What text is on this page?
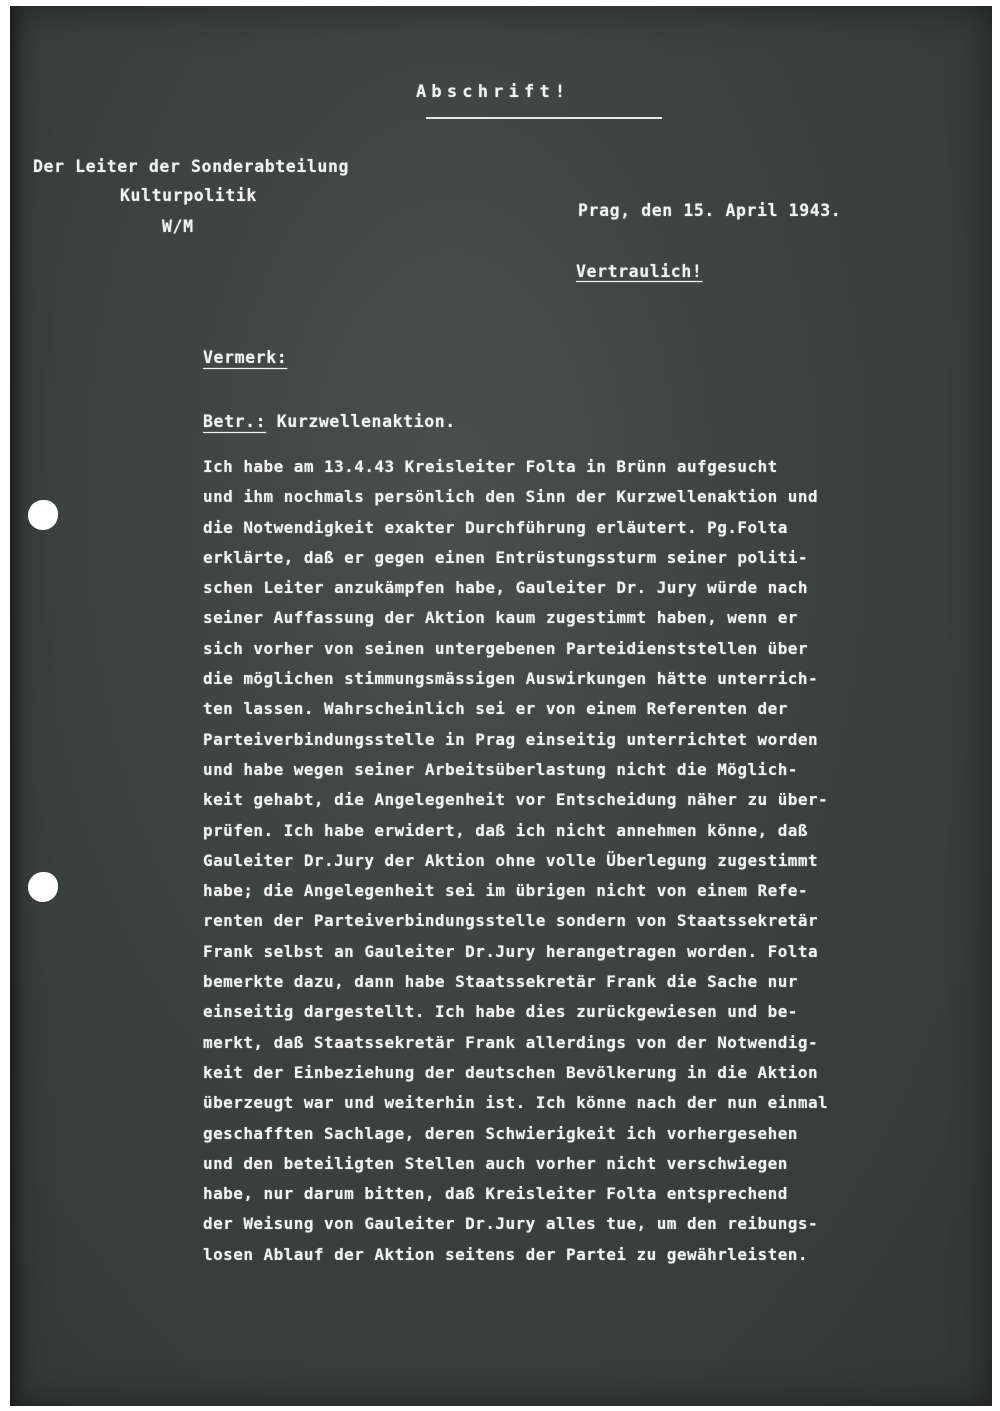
Abschrift!
Der Leiter der Sonderabteilung
Kulturpolitik
W/M
Prag, den 15. April 1943.
Vertraulich!
Vermerk:
Betr.: Kurzwellenaktion.
Ich habe am 13.4.43 Kreisleiter Folta in Brünn aufgesucht
und ihm nochmals persönlich den Sinn der Kurzwellenaktion und
die Notwendigkeit exakter Durchführung erläutert. Pg.Folta
erklärte, daß er gegen einen Entrüstungssturm seiner politi-
schen Leiter anzukämpfen habe, Gauleiter Dr. Jury würde nach
seiner Auffassung der Aktion kaum zugestimmt haben, wenn er
sich vorher von seinen untergebenen Parteidienststellen über
die möglichen stimmungsmässigen Auswirkungen hätte unterrich-
ten lassen. Wahrscheinlich sei er von einem Referenten der
Parteiverbindungsstelle in Prag einseitig unterrichtet worden
und habe wegen seiner Arbeitsüberlastung nicht die Möglich-
keit gehabt, die Angelegenheit vor Entscheidung näher zu über-
prüfen. Ich habe erwidert, daß ich nicht annehmen könne, daß
Gauleiter Dr.Jury der Aktion ohne volle Überlegung zugestimmt
habe; die Angelegenheit sei im übrigen nicht von einem Refe-
renten der Parteiverbindungsstelle sondern von Staatssekretär
Frank selbst an Gauleiter Dr.Jury herangetragen worden. Folta
bemerkte dazu, dann habe Staatssekretär Frank die Sache nur
einseitig dargestellt. Ich habe dies zurückgewiesen und be-
merkt, daß Staatssekretär Frank allerdings von der Notwendig-
keit der Einbeziehung der deutschen Bevölkerung in die Aktion
überzeugt war und weiterhin ist. Ich könne nach der nun einmal
geschafften Sachlage, deren Schwierigkeit ich vorhergesehen
und den beteiligten Stellen auch vorher nicht verschwiegen
habe, nur darum bitten, daß Kreisleiter Folta entsprechend
der Weisung von Gauleiter Dr.Jury alles tue, um den reibungs-
losen Ablauf der Aktion seitens der Partei zu gewährleisten.
